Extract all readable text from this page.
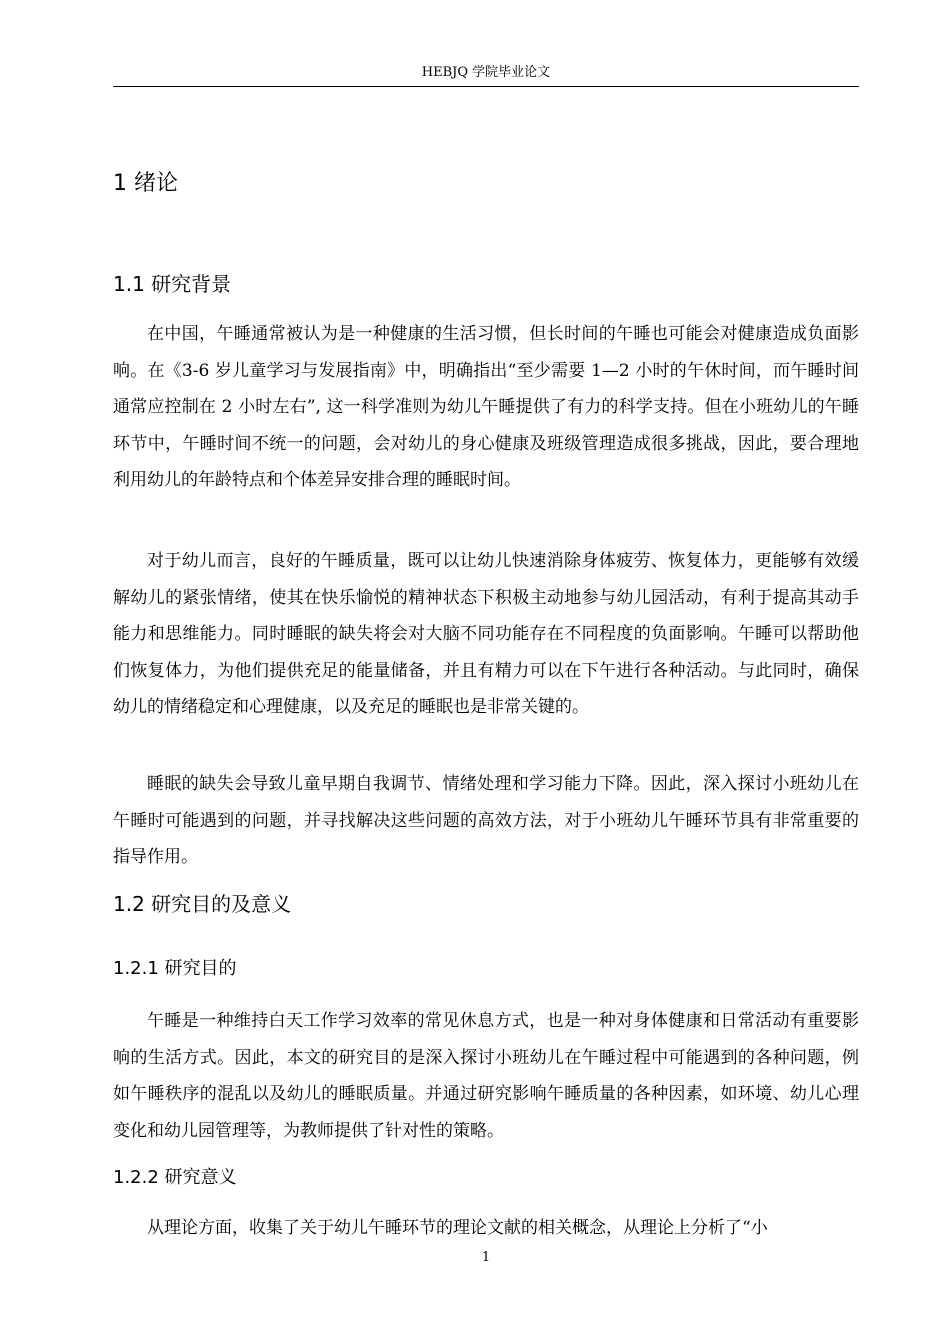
HEBJQ 学院毕业论文
1 绪论
1.1 研究背景

在中国，午睡通常被认为是一种健康的生活习惯，但长时间的午睡也可能会对健康造成负面影响。在《3-6 岁儿童学习与发展指南》中，明确指出“至少需要 1—2 小时的午休时间，而午睡时间通常应控制在 2 小时左右”, 这一科学准则为幼儿午睡提供了有力的科学支持。但在小班幼儿的午睡环节中，午睡时间不统一的问题，会对幼儿的身心健康及班级管理造成很多挑战，因此，要合理地利用幼儿的年龄特点和个体差异安排合理的睡眠时间。

对于幼儿而言，良好的午睡质量，既可以让幼儿快速消除身体疲劳、恢复体力，更能够有效缓解幼儿的紧张情绪，使其在快乐愉悦的精神状态下积极主动地参与幼儿园活动，有利于提高其动手能力和思维能力。同时睡眠的缺失将会对大脑不同功能存在不同程度的负面影响。午睡可以帮助他们恢复体力，为他们提供充足的能量储备，并且有精力可以在下午进行各种活动。与此同时，确保幼儿的情绪稳定和心理健康，以及充足的睡眠也是非常关键的。

睡眠的缺失会导致儿童早期自我调节、情绪处理和学习能力下降。因此，深入探讨小班幼儿在午睡时可能遇到的问题，并寻找解决这些问题的高效方法，对于小班幼儿午睡环节具有非常重要的指导作用。

1.2 研究目的及意义
1.2.1 研究目的

午睡是一种维持白天工作学习效率的常见休息方式，也是一种对身体健康和日常活动有重要影响的生活方式。因此，本文的研究目的是深入探讨小班幼儿在午睡过程中可能遇到的各种问题，例如午睡秩序的混乱以及幼儿的睡眠质量。并通过研究影响午睡质量的各种因素，如环境、幼儿心理变化和幼儿园管理等，为教师提供了针对性的策略。

1.2.2 研究意义

从理论方面，收集了关于幼儿午睡环节的理论文献的相关概念，从理论上分析了“小

1
